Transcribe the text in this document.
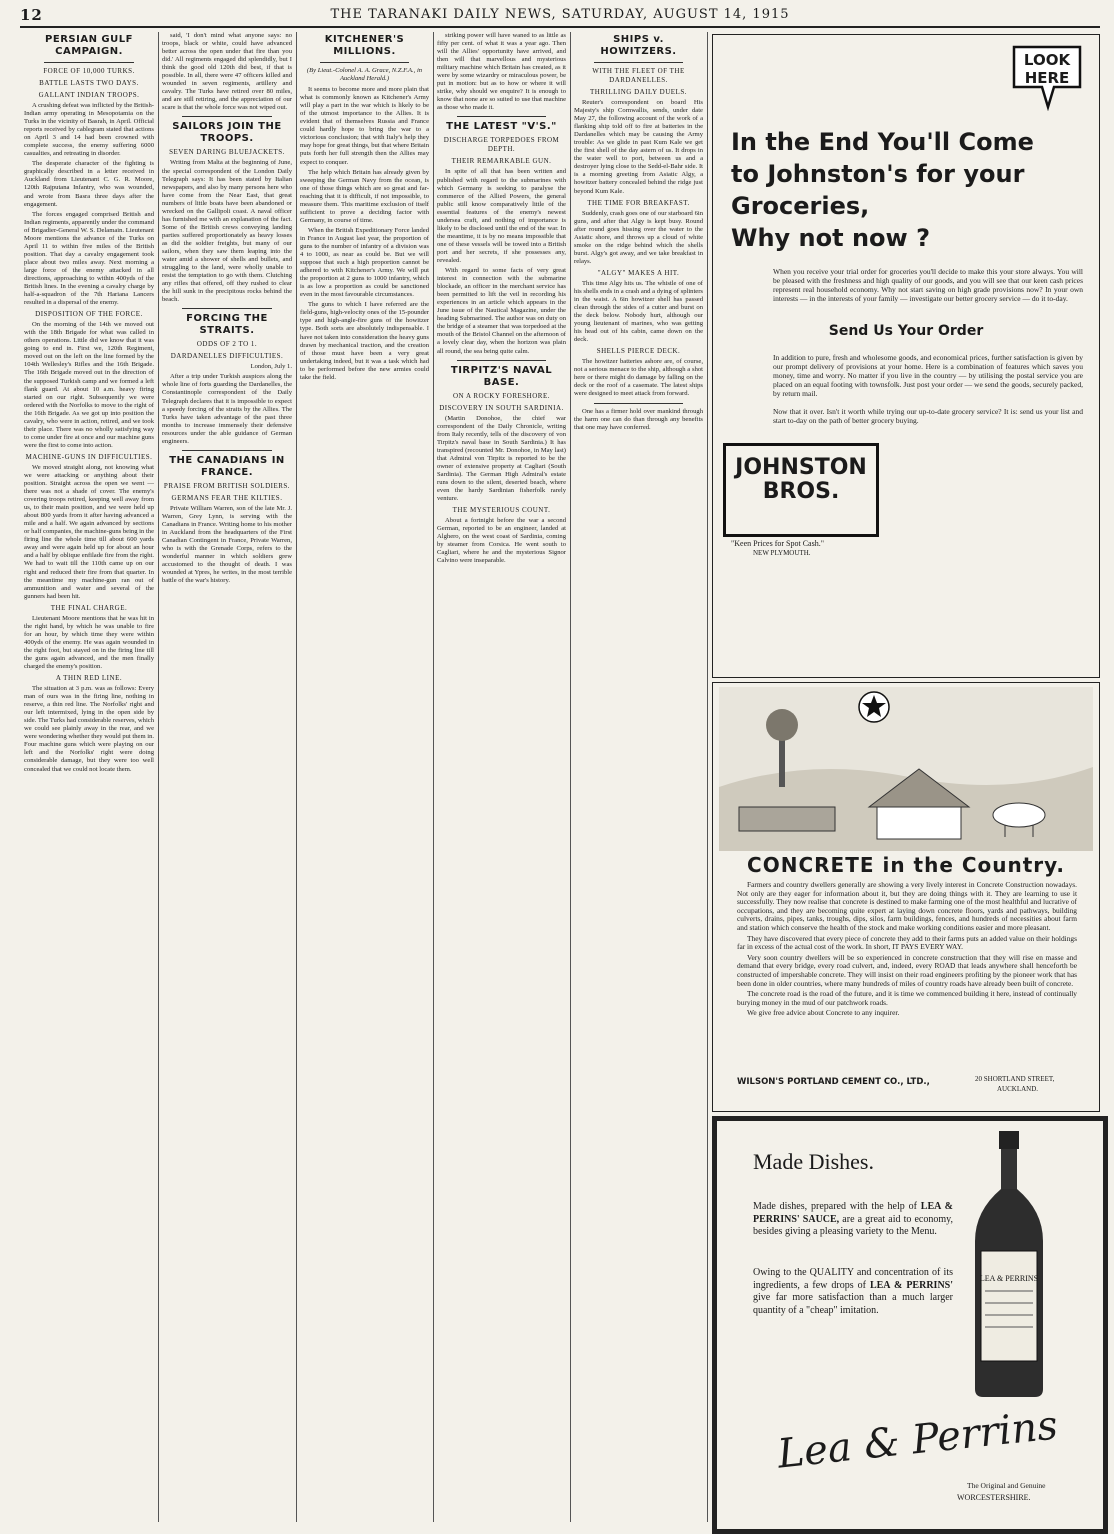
12	THE TARANAKI DAILY NEWS, SATURDAY, AUGUST 14, 1915
PERSIAN GULF CAMPAIGN.
FORCE OF 10,000 TURKS.
BATTLE LASTS TWO DAYS.
GALLANT INDIAN TROOPS.

A crushing defeat was inflicted by the British-Indian army operating in Mesopotamia on the Turks in the vicinity of Basrah, in April. Official reports received by cablegram stated that actions on April 3 and 14 had been crowned with complete success, the enemy suffering 6000 casualties, and retreating in disorder.

The desperate character of the fighting is graphically described in a letter received in Auckland from Lieutenant C. G. R. Moore, 120th Rajputana Infantry, who was wounded, and wrote from Basra three days after the engagement.

The forces engaged comprised British and Indian regiments, apparently under the command of Brigadier-General W. S. Delamain. Lieutenant Moore mentions the advance of the Turks on April 11 to within five miles of the British position. That day a cavalry engagement took place about two miles away. Next morning a large force of the enemy attacked in all directions, approaching to within 400yds of the British lines. In the evening a cavalry charge by half-a-squadron of the 7th Hariana Lancers resulted in a dispersal of the enemy.

DISPOSITION OF THE FORCE.

On the morning of the 14th we moved out with the 18th Brigade for what was called in others operations. Little did we know that it was going to end in. First we, 120th Regiment, moved out on the left on the line formed by the 104th Wellesley's Rifles and the 16th Brigade. The 16th Brigade moved out in the direction of the supposed Turkish camp and we formed a left flank guard. At about 10 a.m. heavy firing started on our right. Subsequently we were ordered with the Norfolks to move to the right of the 16th Brigade. As we got up into position the cavalry, who were in action, retired, and we took their place. There was no wholly satisfying way to come under fire at once and our machine guns were the first to come into action.

MACHINE-GUNS IN DIFFICULTIES.

We moved straight along, not knowing what we were attacking or anything about their position. Straight across the open we went — there was not a shade of cover. The enemy's covering troops retired, keeping well away from us, to their main position, and we were held up about 800 yards from it after having advanced a mile and a half. We again advanced by sections or half companies, the machine-guns being in the firing line the whole time till about 600 yards away and were again held up for about an hour and a half by oblique enfilade fire from the right. We had to wait till the 110th came up on our right and reduced their fire from that quarter. In the meantime my machine-gun ran out of ammunition and water and several of the gunners had been hit.

THE FINAL CHARGE.

Lieutenant Moore mentions that he was hit in the right hand, by which he was unable to fire for an hour, by which time they were within 400yds of the enemy. He was again wounded in the right foot, but stayed on in the firing line till the guns again advanced, and the men finally charged the enemy's position.

A THIN RED LINE.

The situation at 3 p.m. was as follows: Every man of ours was in the firing line, nothing in reserve, a thin red line. The Norfolks' right and our left intermixed, lying in the open side by side. The Turks had considerable reserves, which we could see plainly away in the rear, and we were wondering whether they would put them in. Four machine guns which were playing on our left and the Norfolks' right were doing considerable damage, but they were too well concealed that we could not locate them.

said, 'I don't mind what anyone says: no troops, black or white, could have advanced better across the open under that fire than you did.' All regiments engaged did splendidly, but I think the good old 120th did best, if that is possible. In all, there were 47 officers killed and wounded in seven regiments, artillery and cavalry. The Turks have retired over 80 miles, and are still retiring, and the appreciation of our scare is that the whole force was not wiped out.

SAILORS JOIN THE TROOPS.
SEVEN DARING BLUEJACKETS.

Writing from Malta at the beginning of June, the special correspondent of the London Daily Telegraph says: It has been stated by Italian newspapers, and also by many persons here who have come from the Near East, that great numbers of little boats have been abandoned or wrecked on the Gallipoli coast. A naval officer has furnished me with an explanation of the fact. Some of the British crews conveying landing parties suffered proportionately as heavy losses as did the soldier freights, but many of our sailors, when they saw them leaping into the water amid a shower of shells and bullets, and struggling to the land, were wholly unable to resist the temptation to go with them. Clutching any rifles that offered, off they rushed to clear the hill sunk in the precipitous rocks behind the beach.

FORCING THE STRAITS.
ODDS OF 2 TO 1.
DARDANELLES DIFFICULTIES.

London, July 1.

After a trip under Turkish auspices along the whole line of forts guarding the Dardanelles, the Constantinople correspondent of the Daily Telegraph declares that it is impossible to expect a speedy forcing of the straits by the Allies. The Turks have taken advantage of the past three months to increase immensely their defensive resources under the able guidance of German engineers.

THE CANADIANS IN FRANCE.
PRAISE FROM BRITISH SOLDIERS.
GERMANS FEAR THE KILTIES.

Private William Warren, son of the late Mr. J. Warren, Grey Lynn, is serving with the Canadians in France. Writing home to his mother in Auckland from the headquarters of the First Canadian Contingent in France, Private Warren, who is with the Grenade Corps, refers to the wonderful manner in which soldiers grew accustomed to the thought of death. I was wounded at Ypres, he writes, in the most terrible battle of the war's history.

KITCHENER'S MILLIONS.
(By Lieut.-Colonel A. A. Grace, N.Z.F.A., in Auckland Herald.)

It seems to become more and more plain that what is commonly known as Kitchener's Army will play a part in the war which is likely to be of the utmost importance to the Allies. It is evident that of themselves Russia and France could hardly hope to bring the war to a victorious conclusion; that with Italy's help they may hope for great things, but that where Britain puts forth her full strength then the Allies may expect to conquer.

The help which Britain has already given by sweeping the German Navy from the ocean, is one of those things which are so great and far-reaching that it is difficult, if not impossible, to measure them. This maritime exclusion of itself sufficient to prove a deciding factor with Germany, in course of time.

When the British Expeditionary Force landed in France in August last year, the proportion of guns to the number of infantry of a division was 4 to 1000, as near as could be. But we will suppose that such a high proportion cannot be adhered to with Kitchener's Army. We will put the proportion at 2 guns to 1000 infantry, which is as low a proportion as could be sanctioned even in the most favourable circumstances.

The guns to which I have referred are the field-guns, high-velocity ones of the 15-pounder type and high-angle-fire guns of the howitzer type. Both sorts are absolutely indispensable. I have not taken into consideration the heavy guns drawn by mechanical traction, and the creation of those must have been a very great undertaking indeed, but it was a task which had to be performed before the new armies could take the field.

striking power will have waned to as little as fifty per cent. of what it was a year ago. Then will the Allies' opportunity have arrived, and then will that marvellous and mysterious military machine which Britain has created, as it were by some wizardry or miraculous power, be put in motion: but as to how or where it will strike, why should we enquire? It is enough to know that none are so suited to use that machine as those who made it.

THE LATEST "V'S."
DISCHARGE TORPEDOES FROM DEPTH.
THEIR REMARKABLE GUN.

In spite of all that has been written and published with regard to the submarines with which Germany is seeking to paralyse the commerce of the Allied Powers, the general public still know comparatively little of the essential features of the enemy's newest undersea craft, and nothing of importance is likely to be disclosed until the end of the war. In the meantime, it is by no means impossible that one of these vessels will be towed into a British port and her secrets, if she possesses any, revealed.

With regard to some facts of very great interest in connection with the submarine blockade, an officer in the merchant service has been permitted to lift the veil in recording his experiences in an article which appears in the June issue of the Nautical Magazine, under the heading Submarined. The author was on duty on the bridge of a steamer that was torpedoed at the mouth of the Bristol Channel on the afternoon of a lovely clear day, when the horizon was plain all round, the sea being quite calm.

TIRPITZ'S NAVAL BASE.
ON A ROCKY FORESHORE.
DISCOVERY IN SOUTH SARDINIA.

(Martin Donohoe, the chief war correspondent of the Daily Chronicle, writing from Italy recently, tells of the discovery of von Tirpitz's naval base in South Sardinia.) It has transpired (recounted Mr. Donohoe, in May last) that Admiral von Tirpitz is reported to be the owner of extensive property at Cagliari (South Sardinia). The German High Admiral's estate runs down to the silent, deserted beach, where even the hardy Sardinian fisherfolk rarely venture.

THE MYSTERIOUS COUNT.

About a fortnight before the war a second German, reported to be an engineer, landed at Alghero, on the west coast of Sardinia, coming by steamer from Corsica. He went south to Cagliari, where he and the mysterious Signor Calvino were inseparable.

SHIPS v. HOWITZERS.
WITH THE FLEET OF THE DARDANELLES.
THRILLING DAILY DUELS.

Reuter's correspondent on board His Majesty's ship Cornwallis, sends, under date May 27, the following account of the work of a flanking ship told off to fire at batteries in the Dardanelles which may be causing the Army trouble: As we glide in past Kum Kale we get the first shell of the day astern of us. It drops in the water well to port, between us and a destroyer lying close to the Sedd-el-Bahr side. It is a morning greeting from Asiatic Algy, a howitzer battery concealed behind the ridge just beyond Kum Kale.

THE TIME FOR BREAKFAST.

Suddenly, crash goes one of our starboard 6in guns, and after that Algy is kept busy. Round after round goes hissing over the water to the Asiatic shore, and throws up a cloud of white smoke on the ridge behind which the shells burst. Algy's got away, and we take breakfast in relays.

"ALGY" MAKES A HIT.

This time Algy hits us. The whistle of one of his shells ends in a crash and a dying of splinters in the waist. A 6in howitzer shell has passed clean through the sides of a cutter and burst on the deck below. Nobody hurt, although our young lieutenant of marines, who was getting his head out of his cabin, came down on the deck.

SHELLS PIERCE DECK.

The howitzer batteries ashore are, of course, not a serious menace to the ship, although a shot here or there might do damage by falling on the deck or the roof of a casemate. The latest ships were designed to meet attack from forward.

One has a firmer hold over mankind through the harm one can do than through any benefits that one may have conferred.

LOOK
HERE
In the End You'll Come
to Johnston's for your
Groceries,
Why not now ?
When you receive your trial order for groceries you'll decide to make this your store always. You will be pleased with the freshness and high quality of our goods, and you will see that our keen cash prices represent real household economy. Why not start saving on high grade provisions now? In your own interests — in the interests of your family — investigate our better grocery service — do it to-day.
Send Us Your Order
In addition to pure, fresh and wholesome goods, and economical prices, further satisfaction is given by our prompt delivery of provisions at your home. Here is a combination of features which saves you money, time and worry. No matter if you live in the country — by utilising the postal service you are placed on an equal footing with townsfolk. Just post your order — we send the goods, securely packed, by return mail.
Now that it over. Isn't it worth while trying our up-to-date grocery service? It is: send us your list and start to-day on the path of better grocery buying.
JOHNSTON
BROS.
"Keen Prices for Spot Cash."
NEW PLYMOUTH.
CONCRETE in the Country.

Farmers and country dwellers generally are showing a very lively interest in Concrete Construction nowadays. Not only are they eager for information about it, but they are doing things with it. They are learning to use it successfully. They now realise that concrete is destined to make farming one of the most healthful and lucrative of occupations, and they are becoming quite expert at laying down concrete floors, yards and pathways, building culverts, drains, pipes, tanks, troughs, dips, silos, farm buildings, fences, and hundreds of necessities about farm and station which conserve the health of the stock and make working conditions easier and more pleasant.

They have discovered that every piece of concrete they add to their farms puts an added value on their holdings far in excess of the actual cost of the work. In short, IT PAYS EVERY WAY.

Very soon country dwellers will be so experienced in concrete construction that they will rise en masse and demand that every bridge, every road culvert, and, indeed, every ROAD that leads anywhere shall henceforth be constructed of impershable concrete. They will insist on their road engineers profiting by the pioneer work that has been done in older countries, where many hundreds of miles of country roads have already been built of concrete.

The concrete road is the road of the future, and it is time we commenced building it here, instead of continually burying money in the mud of our patchwork roads.

We give free advice about Concrete to any inquirer.

WILSON'S PORTLAND CEMENT CO., LTD.,	20 SHORTLAND STREET,
AUCKLAND.
LEA & PERRINS
Made Dishes.
Made dishes, prepared with the help of LEA & PERRINS' SAUCE, are a great aid to economy, besides giving a pleasing variety to the Menu.
Owing to the QUALITY and concentration of its ingredients, a few drops of LEA & PERRINS' give far more satisfaction than a much larger quantity of a "cheap" imitation.
Lea & Perrins
The Original and Genuine
WORCESTERSHIRE.
